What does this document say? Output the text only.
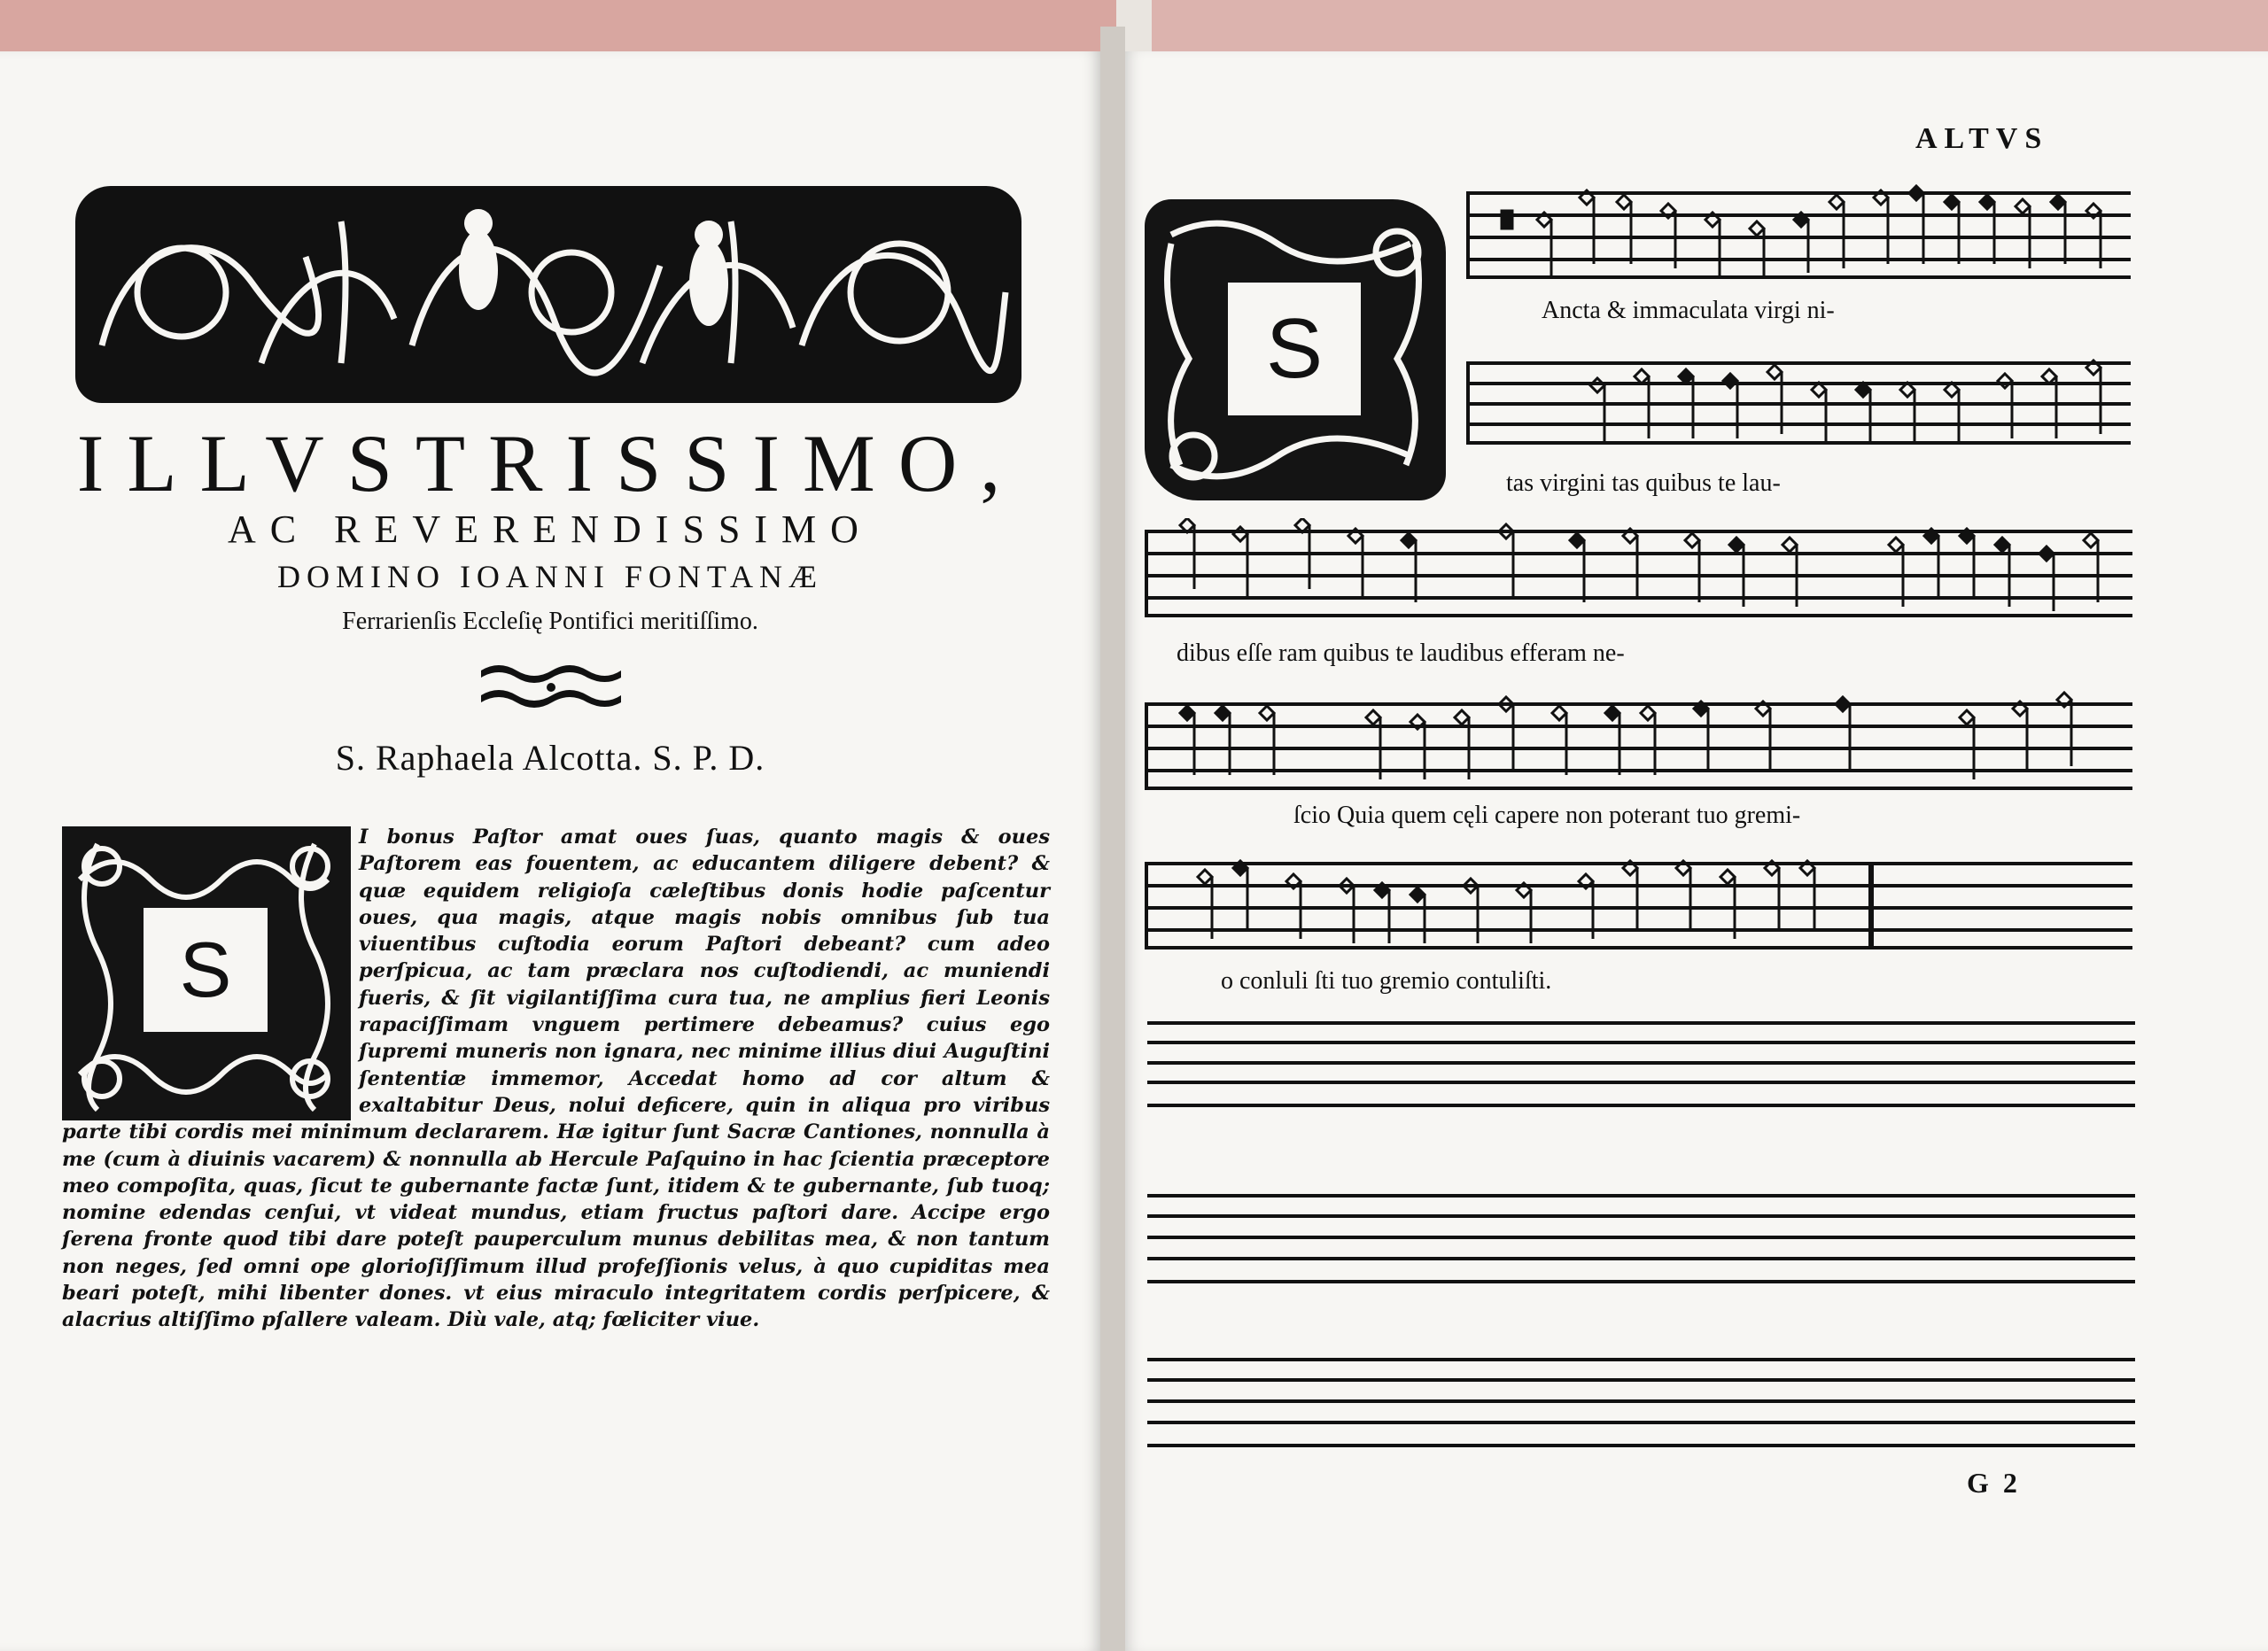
ILLVSTRISSIMO,
AC REVERENDISSIMO
DOMINO IOANNI FONTANÆ
Ferrarienſis Eccleſię Pontifici meritiſſimo.
S. Raphaela Alcotta. S. P. D.
S

I bonus Paſtor amat oues ſuas, quanto magis & oues Paſtorem eas fouentem, ac educantem diligere debent? & quæ equidem religioſa cæleſtibus donis hodie paſcentur oues, qua magis, atque magis nobis omnibus ſub tua viuentibus cuſtodia eorum Paſtori debeant? cum adeo perſpicua, ac tam præclara nos cuſtodiendi, ac muniendi fueris, & ſit vigilantiſſima cura tua, ne amplius fieri Leonis rapaciſſimam vnguem pertimere debeamus? cuius ego ſupremi muneris non ignara, nec minime illius diui Auguſtini ſententiæ immemor, Accedat homo ad cor altum & exaltabitur Deus, nolui deficere, quin in aliqua pro viribus parte tibi cordis mei minimum declararem. Hæ igitur ſunt Sacræ Cantiones, nonnulla à me (cum à diuinis vacarem) & nonnulla ab Hercule Paſquino in hac ſcientia præceptore meo compoſita, quas, ſicut te gubernante factæ ſunt, itidem & te gubernante, ſub tuoq; nomine edendas cenſui, vt videat mundus, etiam fructus paſtori dare. Accipe ergo ſerena fronte quod tibi dare poteſt pauperculum munus debilitas mea, & non tantum non neges, ſed omni ope glorioſiſſimum illud profeſſionis velus, à quo cupiditas mea beari poteſt, mihi libenter dones. vt eius miraculo integritatem cordis perſpicere, & alacrius altiſſimo pſallere valeam. Diù vale, atq; fœliciter viue.

ALTVS
S	Ancta & immaculata virgi ni-
tas virgini tas quibus te lau-
dibus eſſe ram quibus te laudibus efferam ne-
ſcio Quia quem cęli capere non poterant tuo gremi-
o conluli ſti tuo gremio contuliſti.
G 2
